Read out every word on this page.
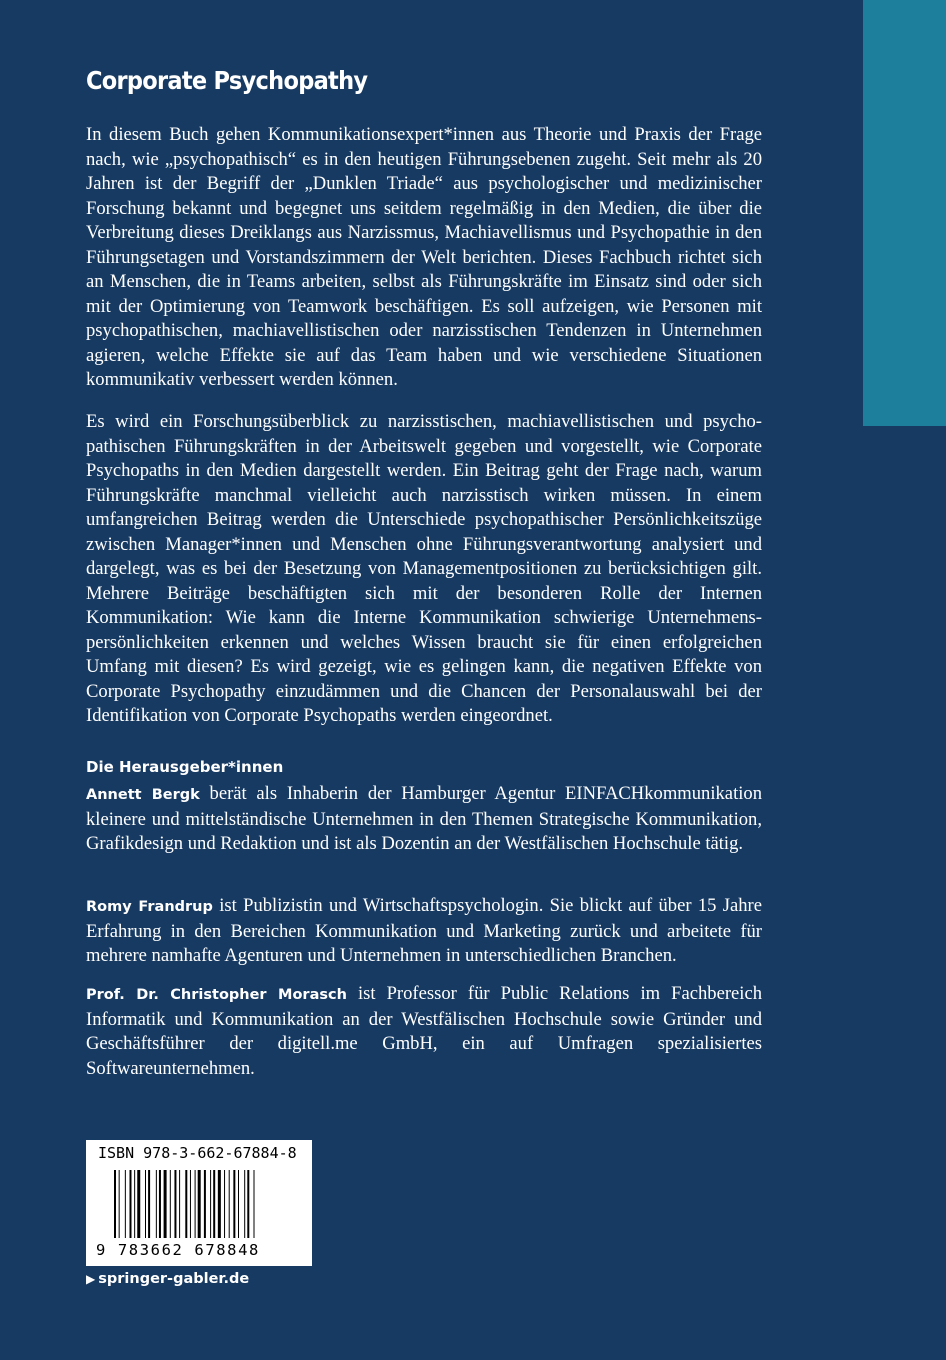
Corporate Psychopathy

In diesem Buch gehen Kommunikationsexpert*innen aus Theorie und Praxis der Frage nach, wie „psychopathisch“ es in den heutigen Führungsebenen zugeht. Seit mehr als 20 Jahren ist der Begriff der „Dunklen Triade“ aus psychologischer und medizinischer Forschung bekannt und begegnet uns seitdem regelmäßig in den Medien, die über die Verbreitung dieses Dreiklangs aus Narzissmus, Machiavellismus und Psychopathie in den Führungsetagen und Vorstandszimmern der Welt berichten. Dieses Fachbuch richtet sich an Menschen, die in Teams arbeiten, selbst als Führungskräfte im Einsatz sind oder sich mit der Optimierung von Teamwork beschäftigen. Es soll aufzeigen, wie Personen mit psychopathischen, machiavellistischen oder narzisstischen Tendenzen in Unternehmen agieren, welche Effekte sie auf das Team haben und wie verschiedene Situationen kommunikativ verbessert werden können.

Es wird ein Forschungsüberblick zu narzisstischen, machiavellistischen und psychopathischen Führungskräften in der Arbeitswelt gegeben und vorgestellt, wie Corporate Psychopaths in den Medien dargestellt werden. Ein Beitrag geht der Frage nach, warum Führungskräfte manchmal vielleicht auch narzisstisch wirken müssen. In einem umfangreichen Beitrag werden die Unterschiede psychopathischer Persönlichkeitszüge zwischen Manager*innen und Menschen ohne Führungsverantwortung analysiert und dargelegt, was es bei der Besetzung von Managementpositionen zu berücksichtigen gilt. Mehrere Beiträge beschäftigten sich mit der besonderen Rolle der Internen Kommunikation: Wie kann die Interne Kommunikation schwierige Unternehmenspersönlichkeiten erkennen und welches Wissen braucht sie für einen erfolgreichen Umfang mit diesen? Es wird gezeigt, wie es gelingen kann, die negativen Effekte von Corporate Psychopathy einzudämmen und die Chancen der Personalauswahl bei der Identifikation von Corporate Psychopaths werden eingeordnet.

Die Herausgeber*innen

Annett Bergk berät als Inhaberin der Hamburger Agentur EINFACHkommunikation kleinere und mittelständische Unternehmen in den Themen Strategische Kommunikation, Grafikdesign und Redaktion und ist als Dozentin an der Westfälischen Hochschule tätig.

Romy Frandrup ist Publizistin und Wirtschaftspsychologin. Sie blickt auf über 15 Jahre Erfahrung in den Bereichen Kommunikation und Marketing zurück und arbeitete für mehrere namhafte Agenturen und Unternehmen in unterschiedlichen Branchen.

Prof. Dr. Christopher Morasch ist Professor für Public Relations im Fachbereich Informatik und Kommunikation an der Westfälischen Hochschule sowie Gründer und Geschäftsführer der digitell.me GmbH, ein auf Umfragen spezialisiertes Softwareunternehmen.

ISBN 978-3-662-67884-8
9 783662 678848
▶ springer-gabler.de
